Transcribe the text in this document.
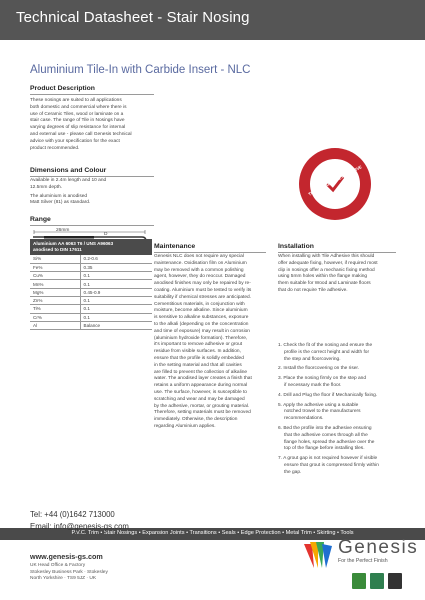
Technical Datasheet - Stair Nosing
Aluminium Tile-In with Carbide Insert - NLC
Product Description
These nosings are suited to all applications
both domestic and commercial where there is
use of Ceramic Tiles, wood or laminate on a
stair case. The range of Tile in Nosings have
varying degrees of slip resistance for internal
and external use - please call Genesis technical
advice with your specification for the exact
product recommended.
Dimensions and Colour
Available in 2.4m length and 10 and
12.5mm depth.
The aluminium is anodised
Matt Silver (81) as standard.
THE SUITABLE ALTERNATIVE
Range
26mm
D
Aluminium AA 6063 T6 / UNS A96063
anodised to DIN 17611	

Si%	0.2-0.6
Fe%	0.35
Cu%	0.1
Mn%	0.1
Mg%	0.45-0.9
Zn%	0.1
Ti%	0.1
Cr%	0.1
Al	Balance
Maintenance
Genesis NLC does not require any special
maintenance. Oxidisation film on Aluminium
may be removed with a common polishing
agent, however, they do reoccur. Damaged
anodised finishes may only be repaired by re-
coating. Aluminium must be tested to verify its
suitability if chemical stresses are anticipated.
Cementitious materials, in conjunction with
moisture, become alkaline. Since aluminium
is sensitive to alkaline substances, exposure
to the alkali (depending on the concentration
and time of exposure) may result in corrosion
(aluminium hydroxide formation). Therefore,
it's important to remove adhesive or grout
residue from visible surfaces. In addition,
ensure that the profile is solidly embedded
in the setting material and that all cavities
are filled to prevent the collection of alkaline
water. The anodised layer creates a finish that
retains a uniform appearance during normal
use. The surface, however, is susceptible to
scratching and wear and may be damaged
by the adhesive, mortar, or grouting material.
Therefore, setting materials must be removed
immediately. Otherwise, the description
regarding Aluminium applies.
Installation
When installing with Tile Adhesive this should
offer adequate fixing, however, if required most
clip in nosings offer a mechanic fixing method
using 5mm holes within the flange making
them suitable for Wood and Laminate floors
that do not require Tile adhesive.
1. Check the fit of the nosing and ensure the
profile is the correct height and width for
the step and floorcovering.
2. Install the floorcovering on the riser.
3. Place the nosing firmly on the step and
if necessary mark the floor.
4. Drill and Plug the floor if Mechanically fixing.
5. Apply the adhesive using a suitable
notched trowel to the manufacturers
recommendations.
6. Bed the profile into the adhesive ensuring
that the adhesive comes through all the
flange holes, spread the adhesive over the
top of the flange before installing tiles.
7. A grout gap is not required however if visible
ensure that grout is compressed firmly within
the gap.
P.V.C. Trim • Stair Nosings • Expansion Joints • Transitions • Seals • Edge Protection • Metal Trim • Skirting • Tools
Tel: +44 (0)1642 713000
Email: info@genesis-gs.com
www.genesis-gs.com
UK Head Office & Factory
Stokesley Business Park · Stokesley
North Yorkshire · TS9 5JZ · UK
Genesis
For the Perfect Finish
